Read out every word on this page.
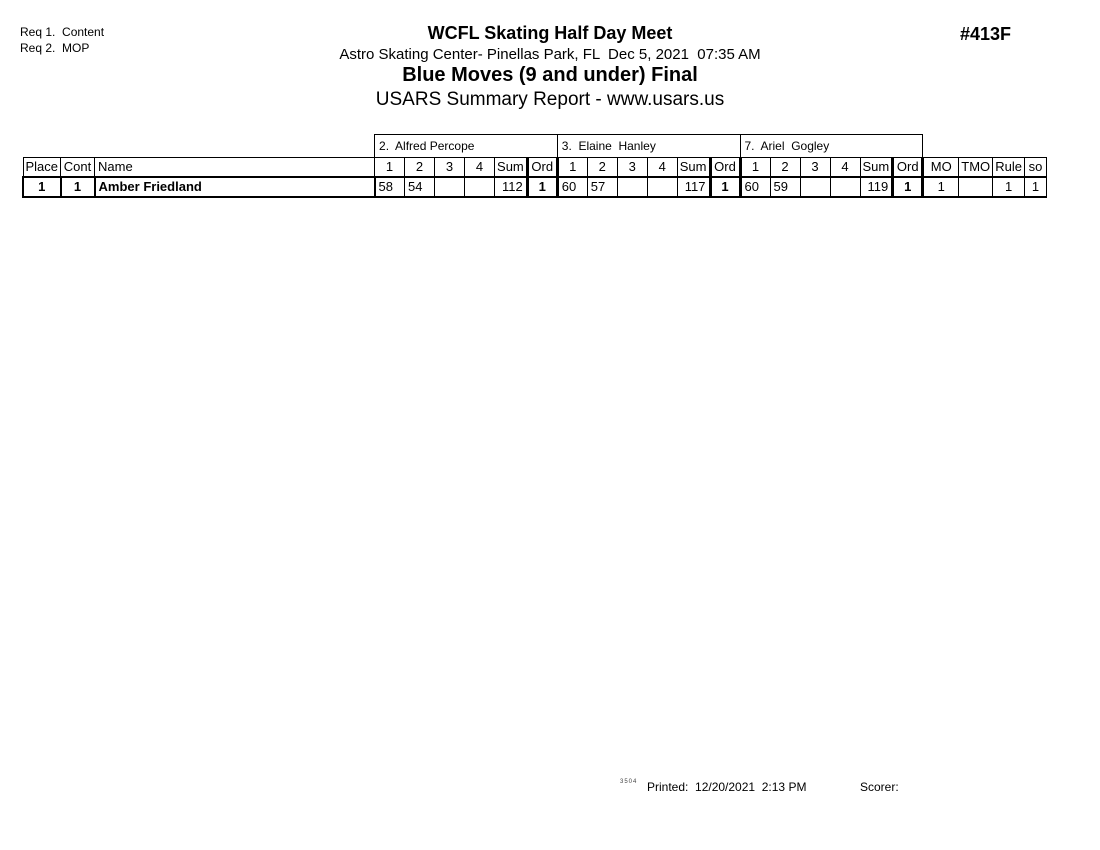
Req 1.  Content
Req 2.  MOP
WCFL Skating Half Day Meet
Astro Skating Center- Pinellas Park, FL  Dec 5, 2021  07:35 AM
Blue Moves (9 and under) Final
USARS Summary Report - www.usars.us
#413F
			2.  Alfred Percope						3.  Elaine  Hanley						7.  Ariel  Gogley									
Place	Cont	Name	1	2	3	4	Sum	Ord	1	2	3	4	Sum	Ord	1	2	3	4	Sum	Ord	MO	TMO	Rule	so
1	1	Amber Friedland	58	54			112	1	60	57			117	1	60	59			119	1	1		1	1
3504 Printed:  12/20/2021  2:13 PM	Scorer:
